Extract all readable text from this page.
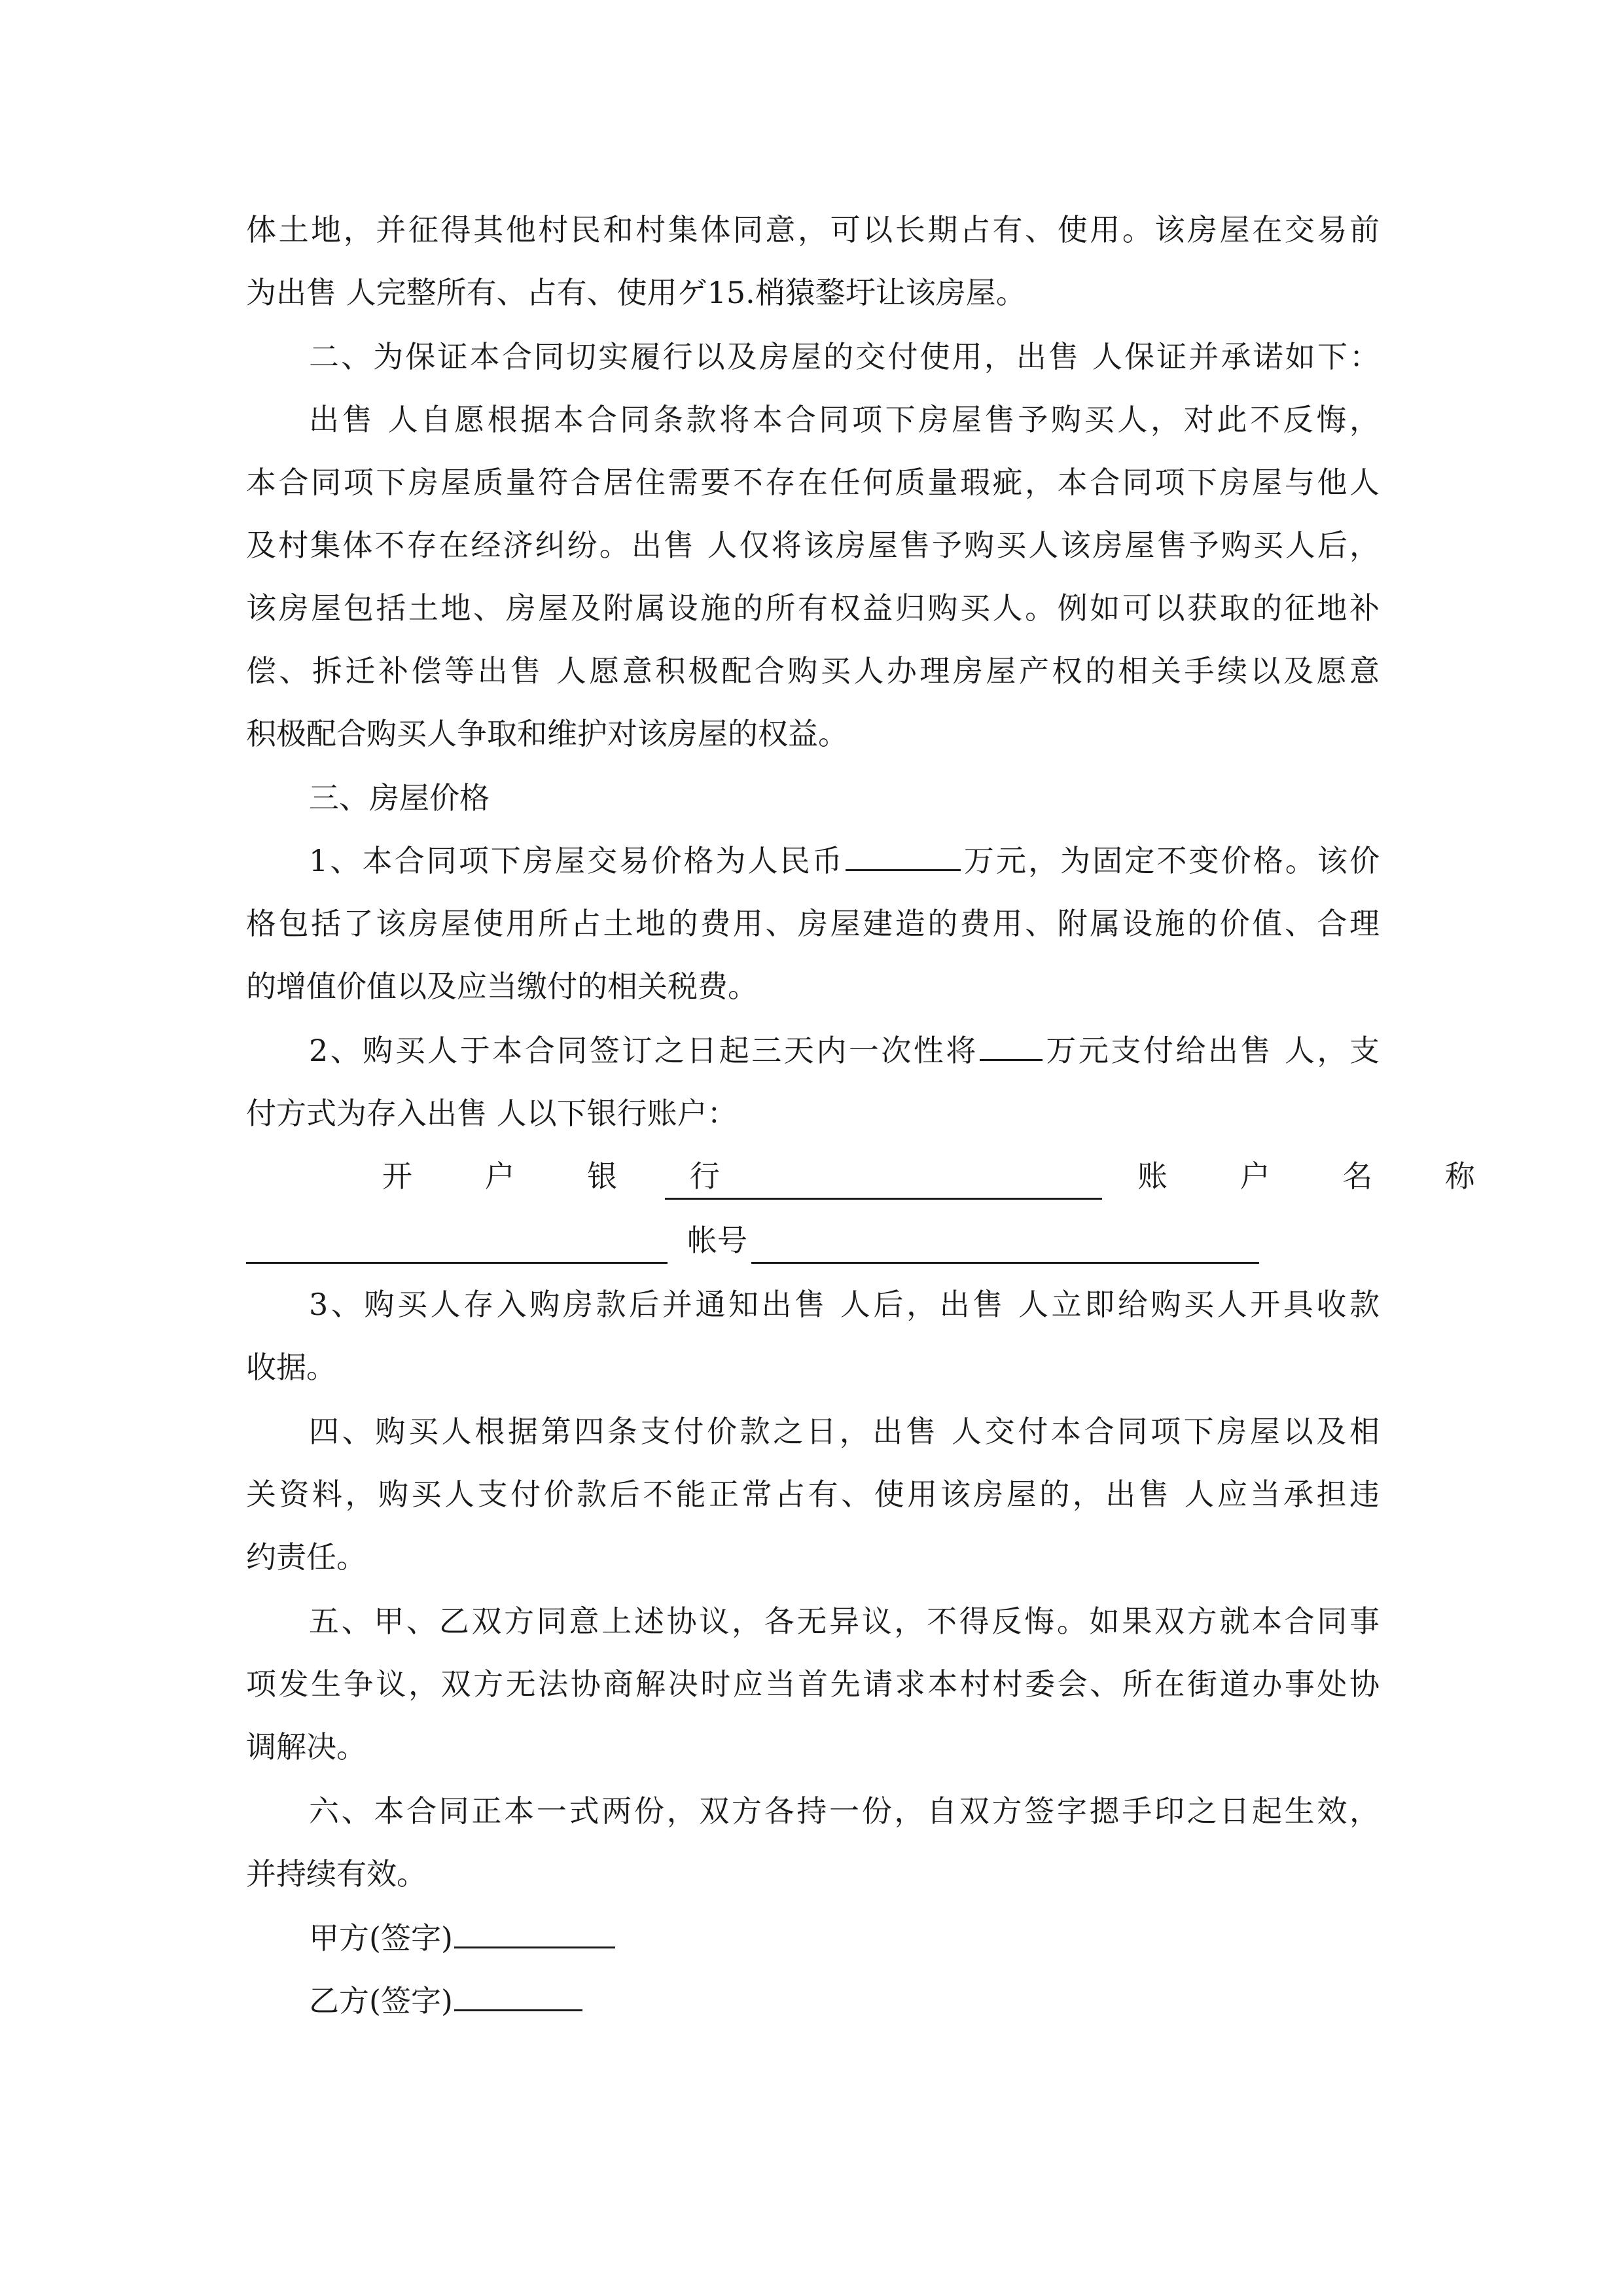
体土地，并征得其他村民和村集体同意，可以长期占有、使用。该房屋在交易前
为出售 人完整所有、占有、使用ゲ15.梢猿鍪圩让该房屋。
二、为保证本合同切实履行以及房屋的交付使用，出售 人保证并承诺如下：
出售 人自愿根据本合同条款将本合同项下房屋售予购买人，对此不反悔，
本合同项下房屋质量符合居住需要不存在任何质量瑕疵，本合同项下房屋与他人
及村集体不存在经济纠纷。出售 人仅将该房屋售予购买人该房屋售予购买人后，
该房屋包括土地、房屋及附属设施的所有权益归购买人。例如可以获取的征地补
偿、拆迁补偿等出售 人愿意积极配合购买人办理房屋产权的相关手续以及愿意
积极配合购买人争取和维护对该房屋的权益。
三、房屋价格
1、本合同项下房屋交易价格为人民币	万元，为固定不变价格。该价
格包括了该房屋使用所占土地的费用、房屋建造的费用、附属设施的价值、合理
的增值价值以及应当缴付的相关税费。
2、购买人于本合同签订之日起三天内一次性将 万元支付给出售 人，支
付方式为存入出售 人以下银行账户：
开 户 银 行	账 户 名 称
帐号
3、购买人存入购房款后并通知出售 人后，出售 人立即给购买人开具收款
收据。
四、购买人根据第四条支付价款之日，出售 人交付本合同项下房屋以及相
关资料，购买人支付价款后不能正常占有、使用该房屋的，出售 人应当承担违
约责任。
五、甲、乙双方同意上述协议，各无异议，不得反悔。如果双方就本合同事
项发生争议，双方无法协商解决时应当首先请求本村村委会、所在街道办事处协
调解决。
六、本合同正本一式两份，双方各持一份，自双方签字摁手印之日起生效，
并持续有效。
甲方(签字)
乙方(签字)
